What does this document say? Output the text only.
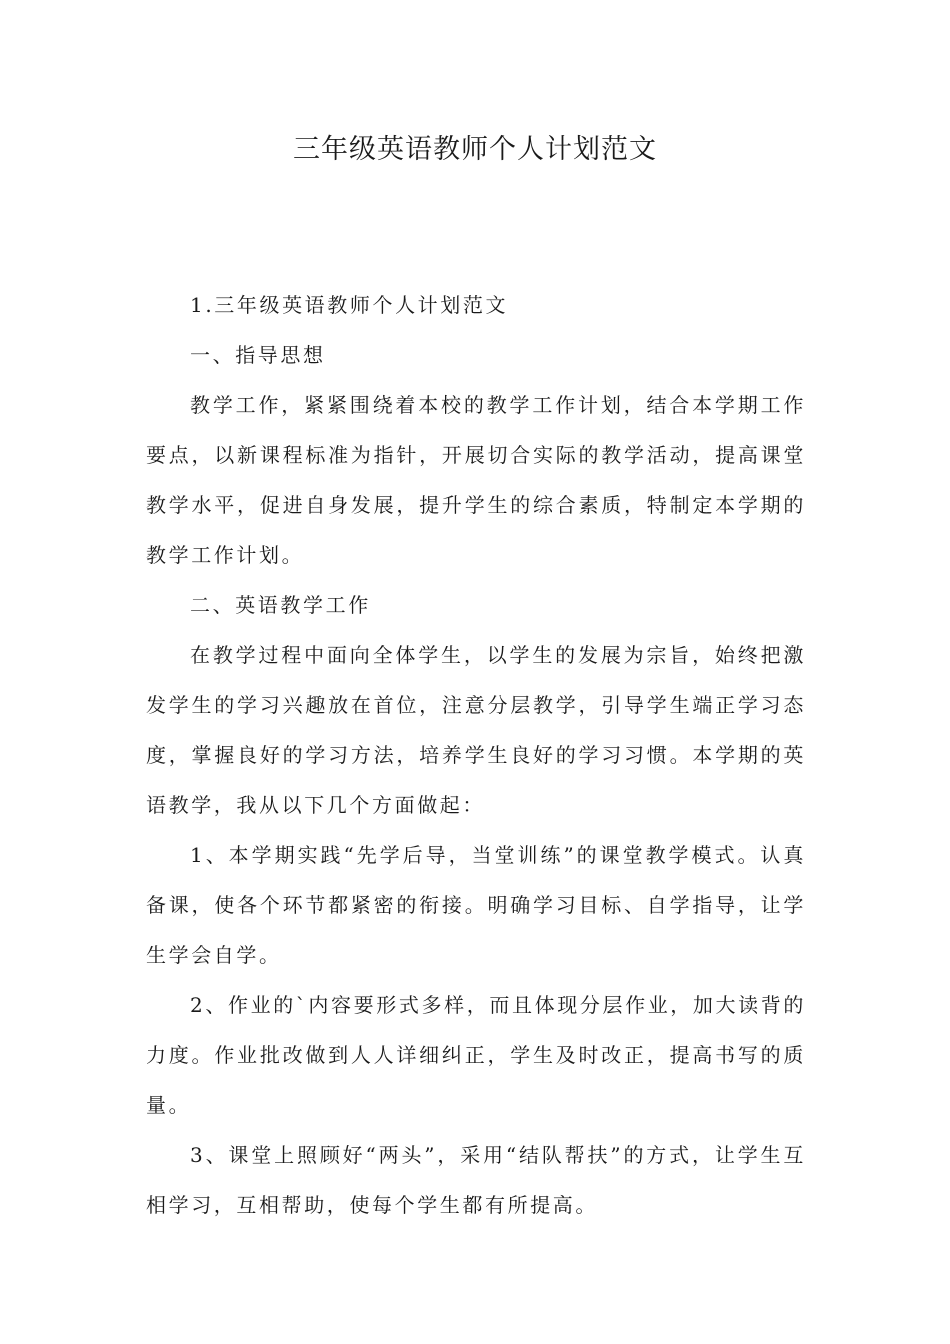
三年级英语教师个人计划范文

1.三年级英语教师个人计划范文

一、指导思想

教学工作，紧紧围绕着本校的教学工作计划，结合本学期工作要点，以新课程标准为指针，开展切合实际的教学活动，提高课堂教学水平，促进自身发展，提升学生的综合素质，特制定本学期的教学工作计划。

二、英语教学工作

在教学过程中面向全体学生，以学生的发展为宗旨，始终把激发学生的学习兴趣放在首位，注意分层教学，引导学生端正学习态度，掌握良好的学习方法，培养学生良好的学习习惯。本学期的英语教学，我从以下几个方面做起：

1、本学期实践“先学后导，当堂训练”的课堂教学模式。认真备课，使各个环节都紧密的衔接。明确学习目标、自学指导，让学生学会自学。

2、作业的`内容要形式多样，而且体现分层作业，加大读背的力度。作业批改做到人人详细纠正，学生及时改正，提高书写的质量。

3、课堂上照顾好“两头”，采用“结队帮扶”的方式，让学生互相学习，互相帮助，使每个学生都有所提高。
